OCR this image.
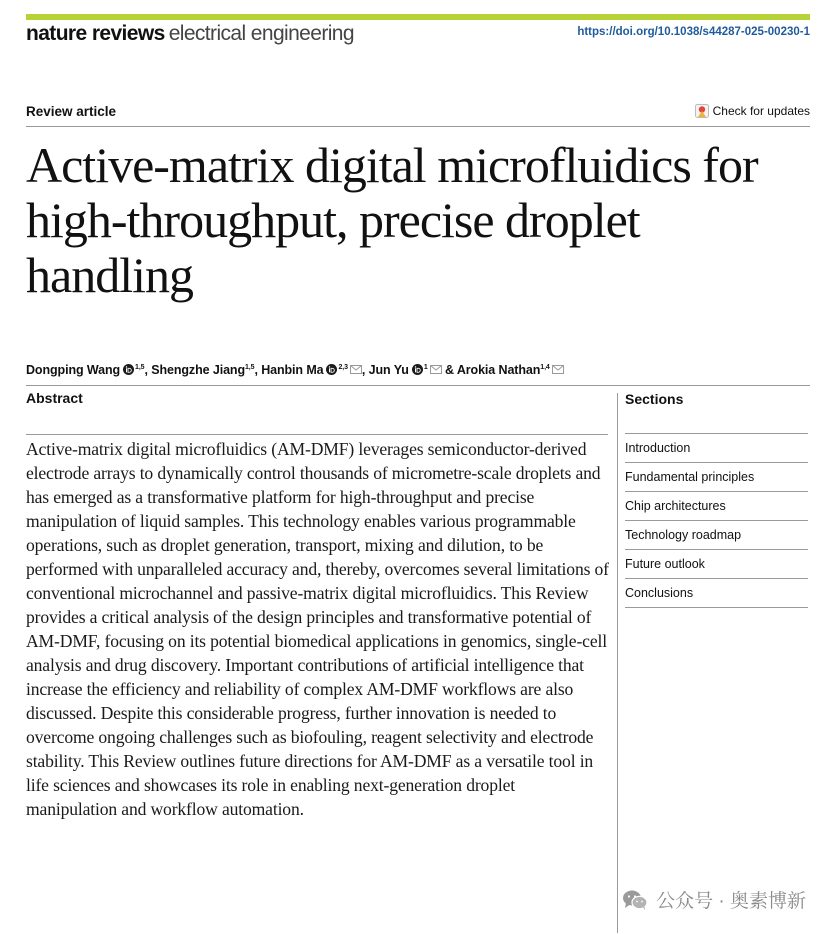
nature reviews electrical engineering	https://doi.org/10.1038/s44287-025-00230-1
Review article	Check for updates
Active-matrix digital microfluidics for high-throughput, precise droplet handling
Dongping Wang $^{1,5}$, Shengzhe Jiang$^{1,5}$, Hanbin Ma $^{2,3}$ , Jun Yu $^1$ & Arokia Nathan$^{1,4}$
Abstract

Active-matrix digital microfluidics (AM-DMF) leverages semiconductor-derived electrode arrays to dynamically control thousands of micrometre-scale droplets and has emerged as a transformative platform for high-throughput and precise manipulation of liquid samples. This technology enables various programmable operations, such as droplet generation, transport, mixing and dilution, to be performed with unparalleled accuracy and, thereby, overcomes several limitations of conventional microchannel and passive-matrix digital microfluidics. This Review provides a critical analysis of the design principles and transformative potential of AM-DMF, focusing on its potential biomedical applications in genomics, single-cell analysis and drug discovery. Important contributions of artificial intelligence that increase the efficiency and reliability of complex AM-DMF workflows are also discussed. Despite this considerable progress, further innovation is needed to overcome ongoing challenges such as biofouling, reagent selectivity and electrode stability. This Review outlines future directions for AM-DMF as a versatile tool in life sciences and showcases its role in enabling next-generation droplet manipulation and workflow automation.

Sections
Introduction
Fundamental principles
Chip architectures
Technology roadmap
Future outlook
Conclusions
公众号 · 奥素博新
